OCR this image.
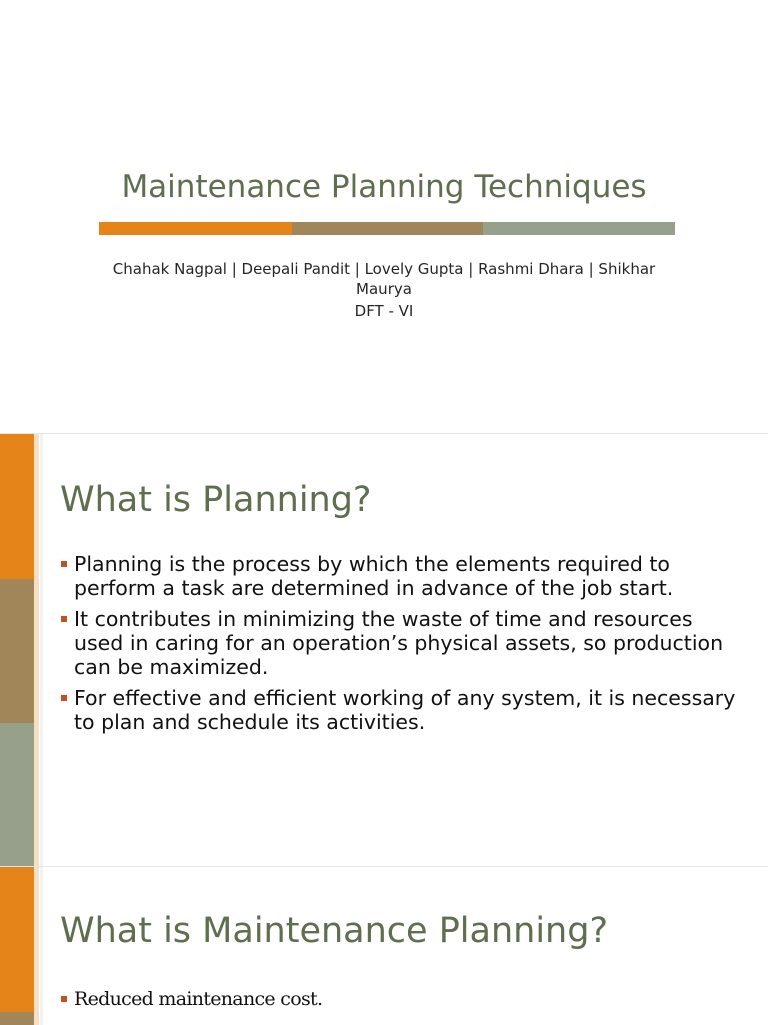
Maintenance Planning Techniques
Chahak Nagpal | Deepali Pandit | Lovely Gupta | Rashmi Dhara | Shikhar Maurya
DFT - VI
What is Planning?
Planning is the process by which the elements required to perform a task are determined in advance of the job start.
It contributes in minimizing the waste of time and resources used in caring for an operation’s physical assets, so production can be maximized.
For effective and efficient working of any system, it is necessary to plan and schedule its activities.
What is Maintenance Planning?
Reduced maintenance cost.
